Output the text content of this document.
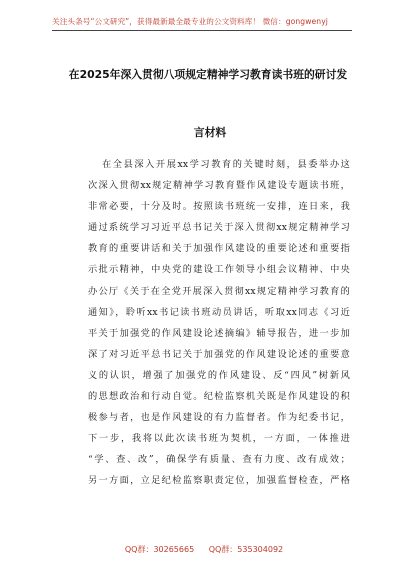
关注头条号“公文研究”，获得最新最全最专业的公文资料库！ 微信：gongwenyj
在2025年深入贯彻八项规定精神学习教育读书班的研讨发
言材料
在全县深入开展xx学习教育的关键时刻，县委举办这
次深入贯彻xx规定精神学习教育暨作风建设专题读书班，
非常必要，十分及时。按照读书班统一安排，连日来，我
通过系统学习习近平总书记关于深入贯彻xx规定精神学习
教育的重要讲话和关于加强作风建设的重要论述和重要指
示批示精神，中央党的建设工作领导小组会议精神、中央
办公厅《关于在全党开展深入贯彻xx规定精神学习教育的
通知》，聆听xx书记读书班动员讲话，听取xx同志《习近
平关于加强党的作风建设论述摘编》辅导报告，进一步加
深了对习近平总书记关于加强党的作风建设论述的重要意
义的认识，增强了加强党的作风建设、反“四风”树新风
的思想政治和行动自觉。纪检监察机关既是作风建设的积
极参与者，也是作风建设的有力监督者。作为纪委书记，
下一步，我将以此次读书班为契机，一方面，一体推进
“学、查、改”，确保学有质量、查有力度、改有成效；
另一方面，立足纪检监察职责定位，加强监督检查，严格
QQ群：30265665 QQ群：535304092
